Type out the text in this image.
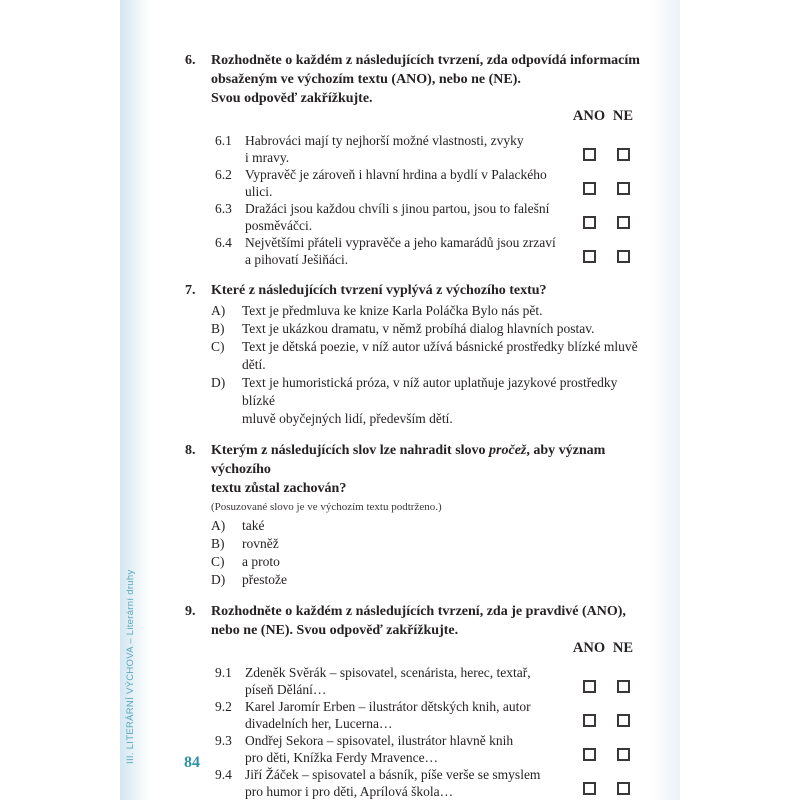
III. LITERÁRNÍ VÝCHOVA – Literární druhy
6.	Rozhodněte o každém z následujících tvrzení, zda odpovídá informacím
obsaženým ve výchozím textu (ANO), nebo ne (NE).
Svou odpověď zakřížkujte.
ANO NE
6.1 Habrováci mají ty nejhorší možné vlastnosti, zvyky
i mravy.
6.2 Vypravěč je zároveň i hlavní hrdina a bydlí v Palackého
ulici.
6.3 Dražáci jsou každou chvíli s jinou partou, jsou to falešní
posměváčci.
6.4 Největšími přáteli vypravěče a jeho kamarádů jsou zrzaví
a pihovatí Ješiňáci.
7.	Které z následujících tvrzení vyplývá z výchozího textu?
A)	Text je předmluva ke knize Karla Poláčka Bylo nás pět.
B)	Text je ukázkou dramatu, v němž probíhá dialog hlavních postav.
C)	Text je dětská poezie, v níž autor užívá básnické prostředky blízké mluvě dětí.
D)	Text je humoristická próza, v níž autor uplatňuje jazykové prostředky blízké
mluvě obyčejných lidí, především dětí.
8.	Kterým z následujících slov lze nahradit slovo pročež, aby význam výchozího
textu zůstal zachován?
(Posuzované slovo je ve výchozím textu podtrženo.)
A)	také
B)	rovněž
C)	a proto
D)	přestože
9.	Rozhodněte o každém z následujících tvrzení, zda je pravdivé (ANO),
nebo ne (NE). Svou odpověď zakřížkujte.
ANO NE
9.1 Zdeněk Svěrák – spisovatel, scenárista, herec, textař,
píseň Dělání…
9.2 Karel Jaromír Erben – ilustrátor dětských knih, autor
divadelních her, Lucerna…
9.3 Ondřej Sekora – spisovatel, ilustrátor hlavně knih
pro děti, Knížka Ferdy Mravence…
9.4 Jiří Žáček – spisovatel a básník, píše verše se smyslem
pro humor i pro děti, Aprílová škola…
84
